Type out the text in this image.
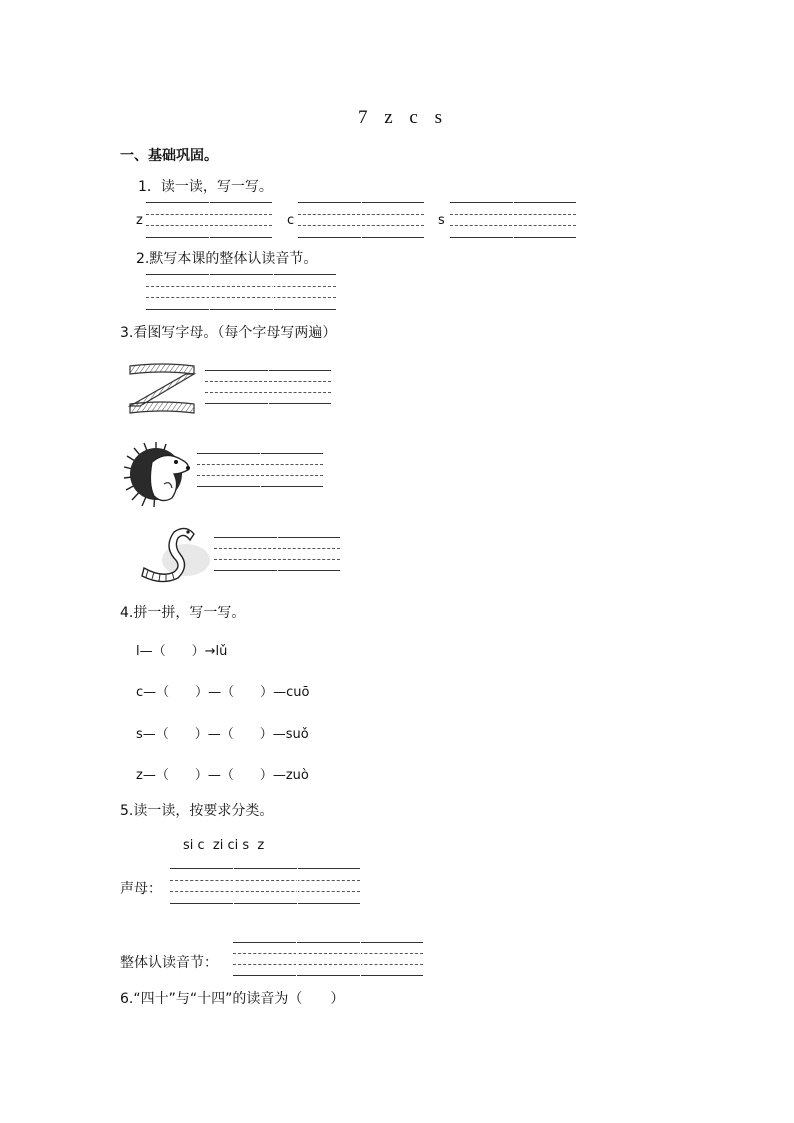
7 z c s
一、基础巩固。
1．读一读，写一写。
z	c	s
2.默写本课的整体认读音节。
3.看图写字母。（每个字母写两遍）
4.拼一拼，写一写。
l—（　　）→lǔ
c—（　　）—（　　）—cuō
s—（　　）—（　　）—suǒ
z—（　　）—（　　）—zuò
5.读一读，按要求分类。
si c  zi ci s  z
声母：
整体认读音节：
6.“四十”与“十四”的读音为（　　）
